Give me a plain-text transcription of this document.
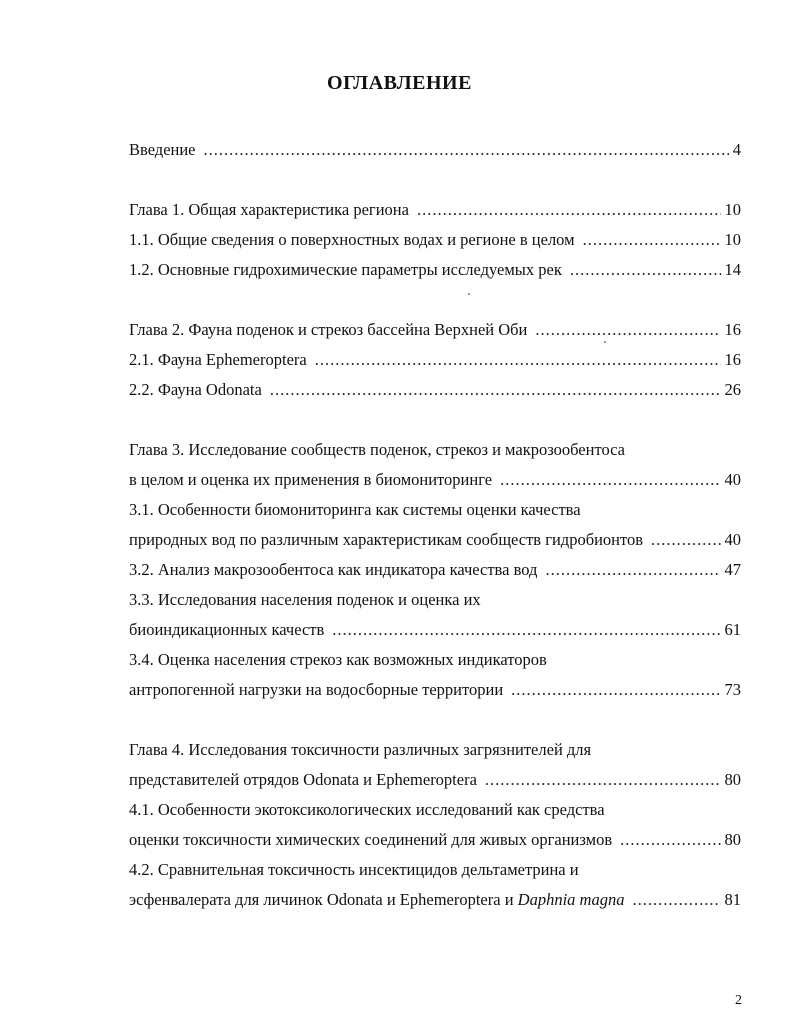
ОГЛАВЛЕНИЕ
Введение .....	4
Глава 1. Общая характеристика региона .....	10
1.1. Общие сведения о поверхностных водах и регионе в целом .....	10
1.2. Основные гидрохимические параметры исследуемых рек .....	14
Глава 2. Фауна поденок и стрекоз бассейна Верхней Оби .....	16
2.1. Фауна Ephemeroptera .....	16
2.2. Фауна Odonata .....	26
Глава 3. Исследование сообществ поденок, стрекоз и макрозообентоса
в целом и оценка их применения в биомониторинге .....	40
3.1. Особенности биомониторинга как системы оценки качества
природных вод по различным характеристикам сообществ гидробионтов .....	40
3.2. Анализ макрозообентоса как индикатора качества вод .....	47
3.3. Исследования населения поденок и оценка их
биоиндикационных качеств .....	61
3.4. Оценка населения стрекоз как возможных индикаторов
антропогенной нагрузки на водосборные территории .....	73
Глава 4. Исследования токсичности различных загрязнителей для
представителей отрядов Odonata и Ephemeroptera .....	80
4.1. Особенности экотоксикологических исследований как средства
оценки токсичности химических соединений для живых организмов .....	80
4.2. Сравнительная токсичность инсектицидов дельтаметрина и
эсфенвалерата для личинок Odonata и Ephemeroptera и Daphnia magna .....	81
2
